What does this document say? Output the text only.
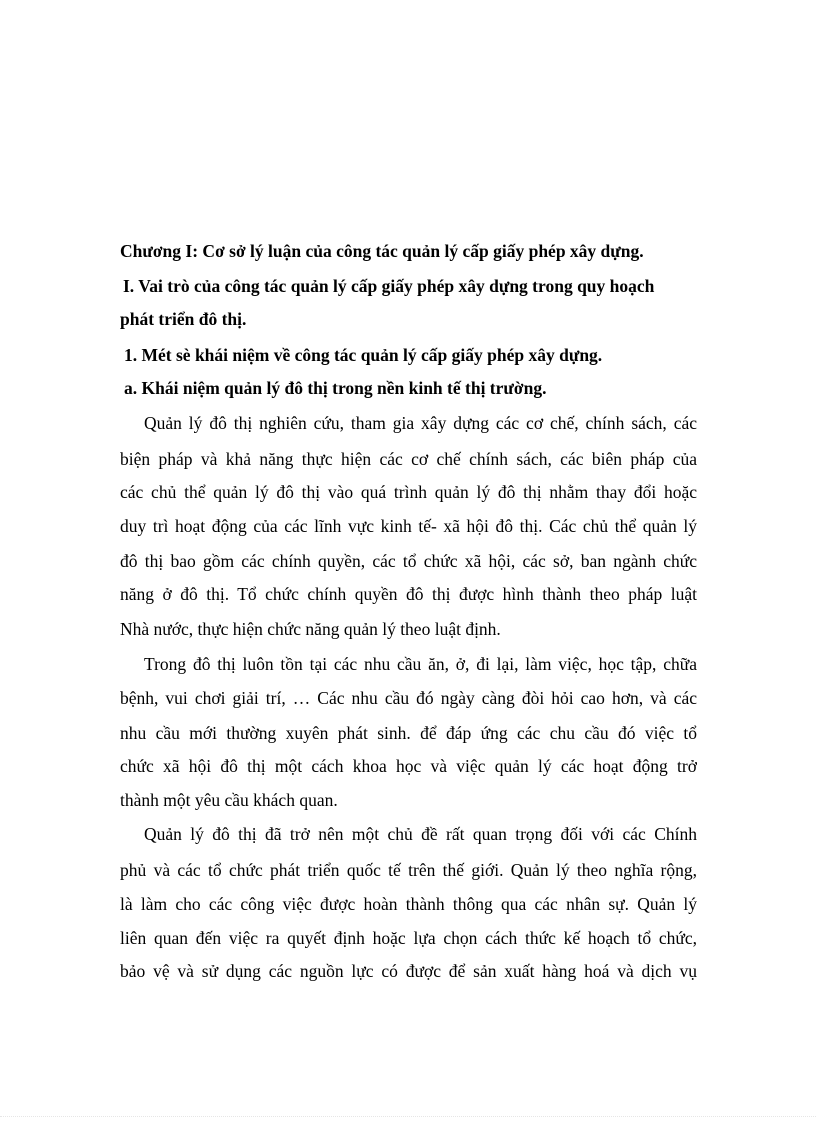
Chương I: Cơ sở lý luận của công tác quản lý cấp giấy phép xây dựng.
I. Vai trò của công tác quản lý cấp giấy phép xây dựng trong quy hoạch
phát triển đô thị.
1. Mét sè khái niệm về công tác quản lý cấp giấy phép xây dựng.
a. Khái niệm quản lý đô thị trong nền kinh tế thị trường.
Quản lý đô thị nghiên cứu, tham gia xây dựng các cơ chế, chính sách, các
biện pháp và khả năng thực hiện các cơ chế chính sách, các biên pháp của
các chủ thể quản lý đô thị vào quá trình quản lý đô thị nhằm thay đổi hoặc
duy trì hoạt động của các lĩnh vực kinh tế- xã hội đô thị. Các chủ thể quản lý
đô thị bao gồm các chính quyền, các tổ chức xã hội, các sở, ban ngành chức
năng ở đô thị. Tổ chức chính quyền đô thị được hình thành theo pháp luật
Nhà nước, thực hiện chức năng quản lý theo luật định.
Trong đô thị luôn tồn tại các nhu cầu ăn, ở, đi lại, làm việc, học tập, chữa
bệnh, vui chơi giải trí, … Các nhu cầu đó ngày càng đòi hỏi cao hơn, và các
nhu cầu mới thường xuyên phát sinh. để đáp ứng các chu cầu đó việc tổ
chức xã hội đô thị một cách khoa học và việc quản lý các hoạt động trở
thành một yêu cầu khách quan.
Quản lý đô thị đã trở nên một chủ đề rất quan trọng đối với các Chính
phủ và các tổ chức phát triển quốc tế trên thế giới. Quản lý theo nghĩa rộng,
là làm cho các công việc được hoàn thành thông qua các nhân sự. Quản lý
liên quan đến việc ra quyết định hoặc lựa chọn cách thức kế hoạch tổ chức,
bảo vệ và sử dụng các nguồn lực có được để sản xuất hàng hoá và dịch vụ
